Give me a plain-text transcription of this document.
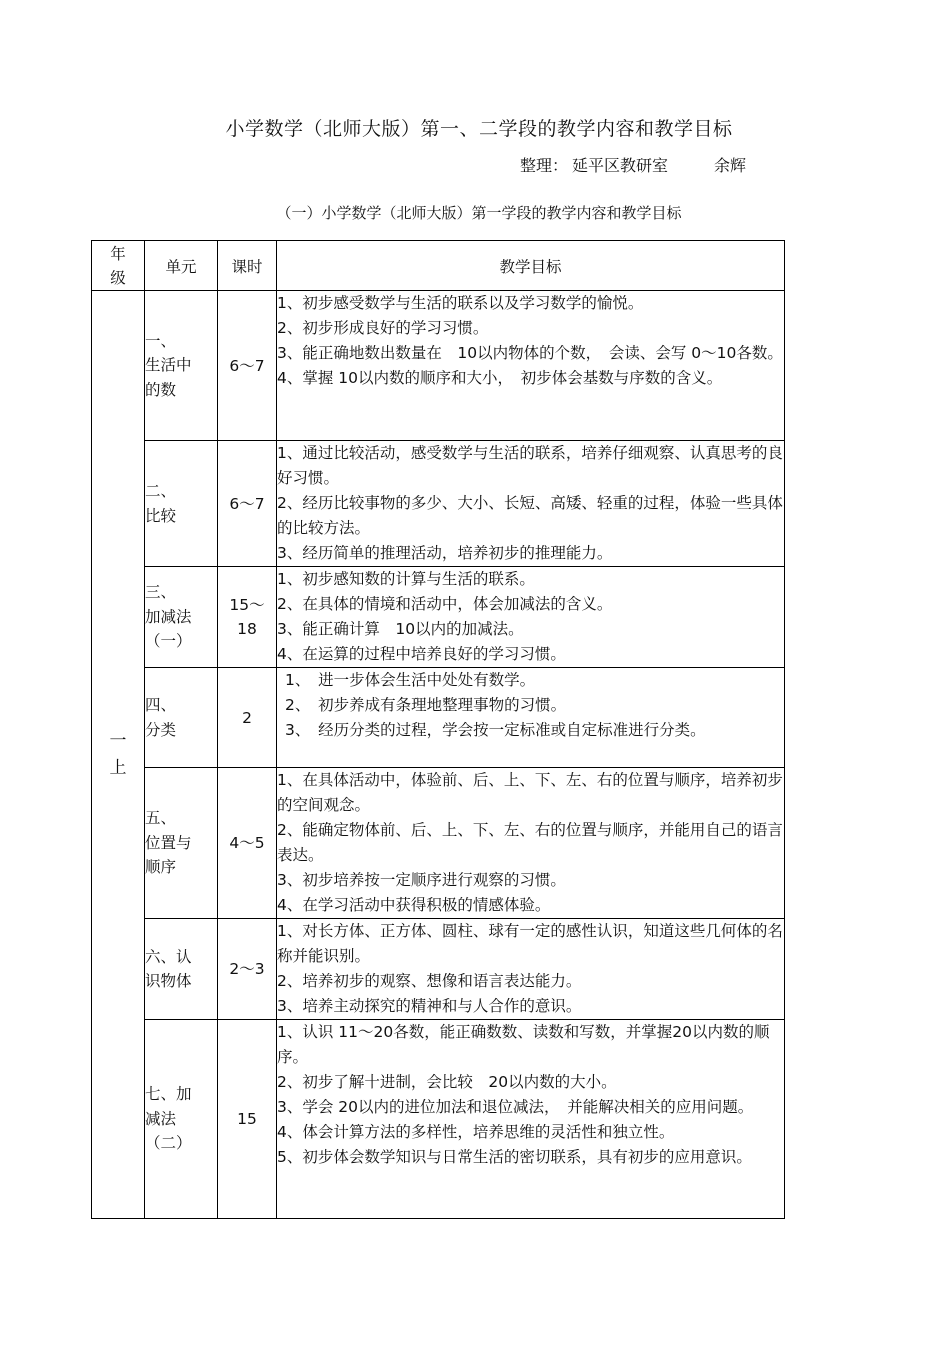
小学数学（北师大版）第一、二学段的教学内容和教学目标
整理： 延平区教研室	余辉
（一）小学数学（北师大版）第一学段的教学内容和教学目标
年
级	单元	课时	教学目标

一
上	一、
生活中
的数	6～7	1、初步感受数学与生活的联系以及学习数学的愉悦。
2、初步形成良好的学习习惯。
3、能正确地数出数量在　10以内物体的个数，　会读、会写 0～10各数。
4、掌握 10以内数的顺序和大小，　初步体会基数与序数的含义。

	二、
比较	6～7	1、通过比较活动，感受数学与生活的联系，培养仔细观察、认真思考的良好习惯。
2、经历比较事物的多少、大小、长短、高矮、轻重的过程，体验一些具体的比较方法。
3、经历简单的推理活动，培养初步的推理能力。

	三、
加减法
（一）	15～
18	1、初步感知数的计算与生活的联系。
2、在具体的情境和活动中，体会加减法的含义。
3、能正确计算　10以内的加减法。
4、在运算的过程中培养良好的学习习惯。

	四、
分类	2	1、　进一步体会生活中处处有数学。
2、　初步养成有条理地整理事物的习惯。
3、　经历分类的过程，学会按一定标准或自定标准进行分类。

	五、
位置与
顺序	4～5	1、在具体活动中，体验前、后、上、下、左、右的位置与顺序，培养初步的空间观念。
2、能确定物体前、后、上、下、左、右的位置与顺序，并能用自己的语言表达。
3、初步培养按一定顺序进行观察的习惯。
4、在学习活动中获得积极的情感体验。

	六、认
识物体	2～3	1、对长方体、正方体、圆柱、球有一定的感性认识，知道这些几何体的名称并能识别。
2、培养初步的观察、想像和语言表达能力。
3、培养主动探究的精神和与人合作的意识。

	七、加
减法
（二）	15	1、认识 11～20各数，能正确数数、读数和写数，并掌握20以内数的顺序。
2、初步了解十进制，会比较　20以内数的大小。
3、学会 20以内的进位加法和退位减法，　并能解决相关的应用问题。
4、体会计算方法的多样性，培养思维的灵活性和独立性。
5、初步体会数学知识与日常生活的密切联系，具有初步的应用意识。
